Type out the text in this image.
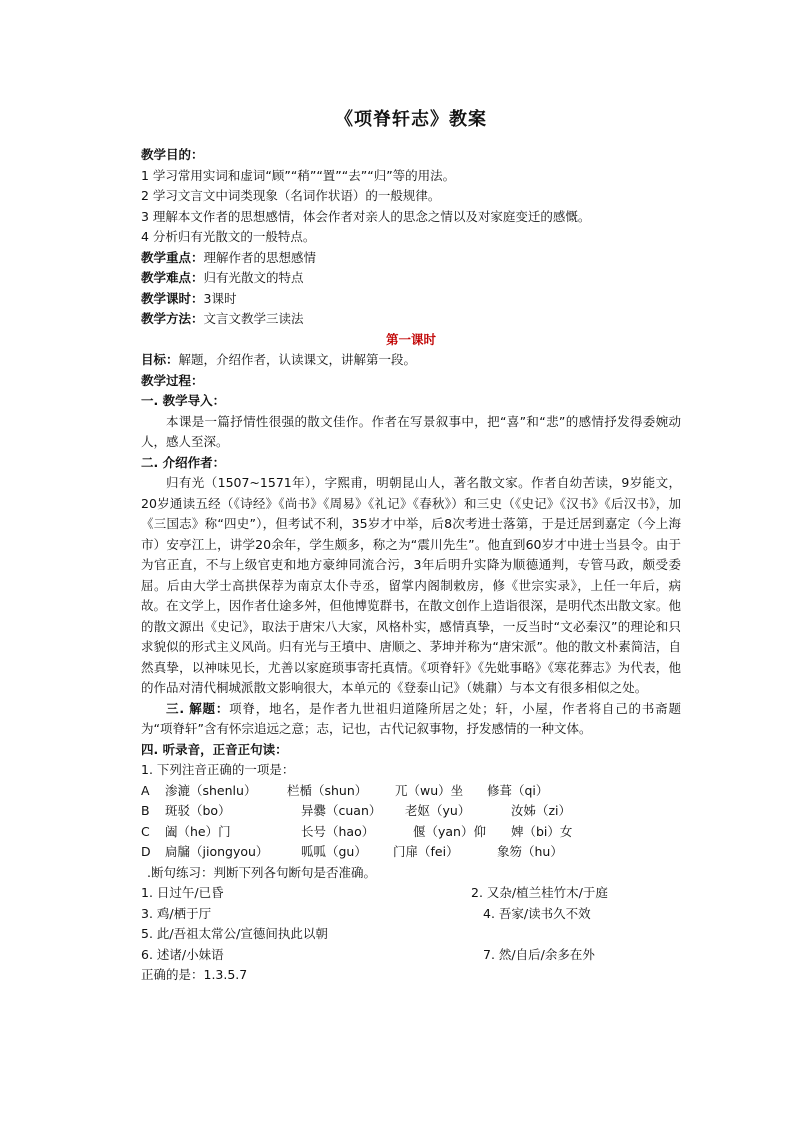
《项脊轩志》教案
教学目的：
1 学习常用实词和虚词“顾”“稍”“置”“去”“归”等的用法。
2 学习文言文中词类现象（名词作状语）的一般规律。
3 理解本文作者的思想感情，体会作者对亲人的思念之情以及对家庭变迁的感慨。
4 分析归有光散文的一般特点。
教学重点：理解作者的思想感情
教学难点：归有光散文的特点
教学课时：3课时
教学方法：文言文教学三读法
第一课时
目标：解题，介绍作者，认读课文，讲解第一段。
教学过程：
一. 教学导入：
本课是一篇抒情性很强的散文佳作。作者在写景叙事中，把“喜”和“悲”的感情抒发得委婉动人，感人至深。
二. 介绍作者：
归有光（1507~1571年），字熙甫，明朝昆山人，著名散文家。作者自幼苦读，9岁能文，20岁通读五经（《诗经》《尚书》《周易》《礼记》《春秋》）和三史（《史记》《汉书》《后汉书》，加《三国志》称“四史”），但考试不利，35岁才中举，后8次考进士落第，于是迁居到嘉定（今上海市）安亭江上，讲学20余年，学生颇多，称之为“震川先生”。他直到60岁才中进士当县令。由于为官正直，不与上级官吏和地方豪绅同流合污，3年后明升实降为顺德通判，专管马政，颇受委屈。后由大学士高拱保荐为南京太仆寺丞，留掌内阁制敕房，修《世宗实录》，上任一年后，病故。在文学上，因作者仕途多舛，但他博览群书，在散文创作上造诣很深，是明代杰出散文家。他的散文源出《史记》，取法于唐宋八大家，风格朴实，感情真挚，一反当时“文必秦汉”的理论和只求貌似的形式主义风尚。归有光与王墳中、唐顺之、茅坤并称为“唐宋派”。他的散文朴素简洁，自然真挚，以神味见长，尤善以家庭琐事寄托真情。《项脊轩》《先妣事略》《寒花葬志》为代表，他的作品对清代桐城派散文影响很大，本单元的《登泰山记》（姚鼐）与本文有很多相似之处。
三. 解题：项脊，地名，是作者九世祖归道隆所居之处；轩，小屋，作者将自己的书斋题为“项脊轩”含有怀宗追远之意；志，记也，古代记叙事物，抒发感情的一种文体。
四. 听录音，正音正句读：
1. 下列注音正确的一项是：
A 渗漉（shenlu） 栏楯（shun） 兀（wu）坐 修葺（qi）
B 斑驳（bo）	异爨（cuan） 老妪（yu）	汝姊（zi）
C 阖（he）门	长号（hao）	偃（yan）仰 婢（bi）女
D 扃牖（jiongyou）	呱呱（gu） 门扉（fei）	象笏（hu）
.断句练习：判断下列各句断句是否准确。
1. 日过午/已昏	2. 又杂/植兰桂竹木/于庭
3. 鸡/栖于厅	4. 吾家/读书久不效
5. 此/吾祖太常公/宣德间执此以朝
6. 述诸/小妹语	7. 然/自后/余多在外
正确的是：1.3.5.7
